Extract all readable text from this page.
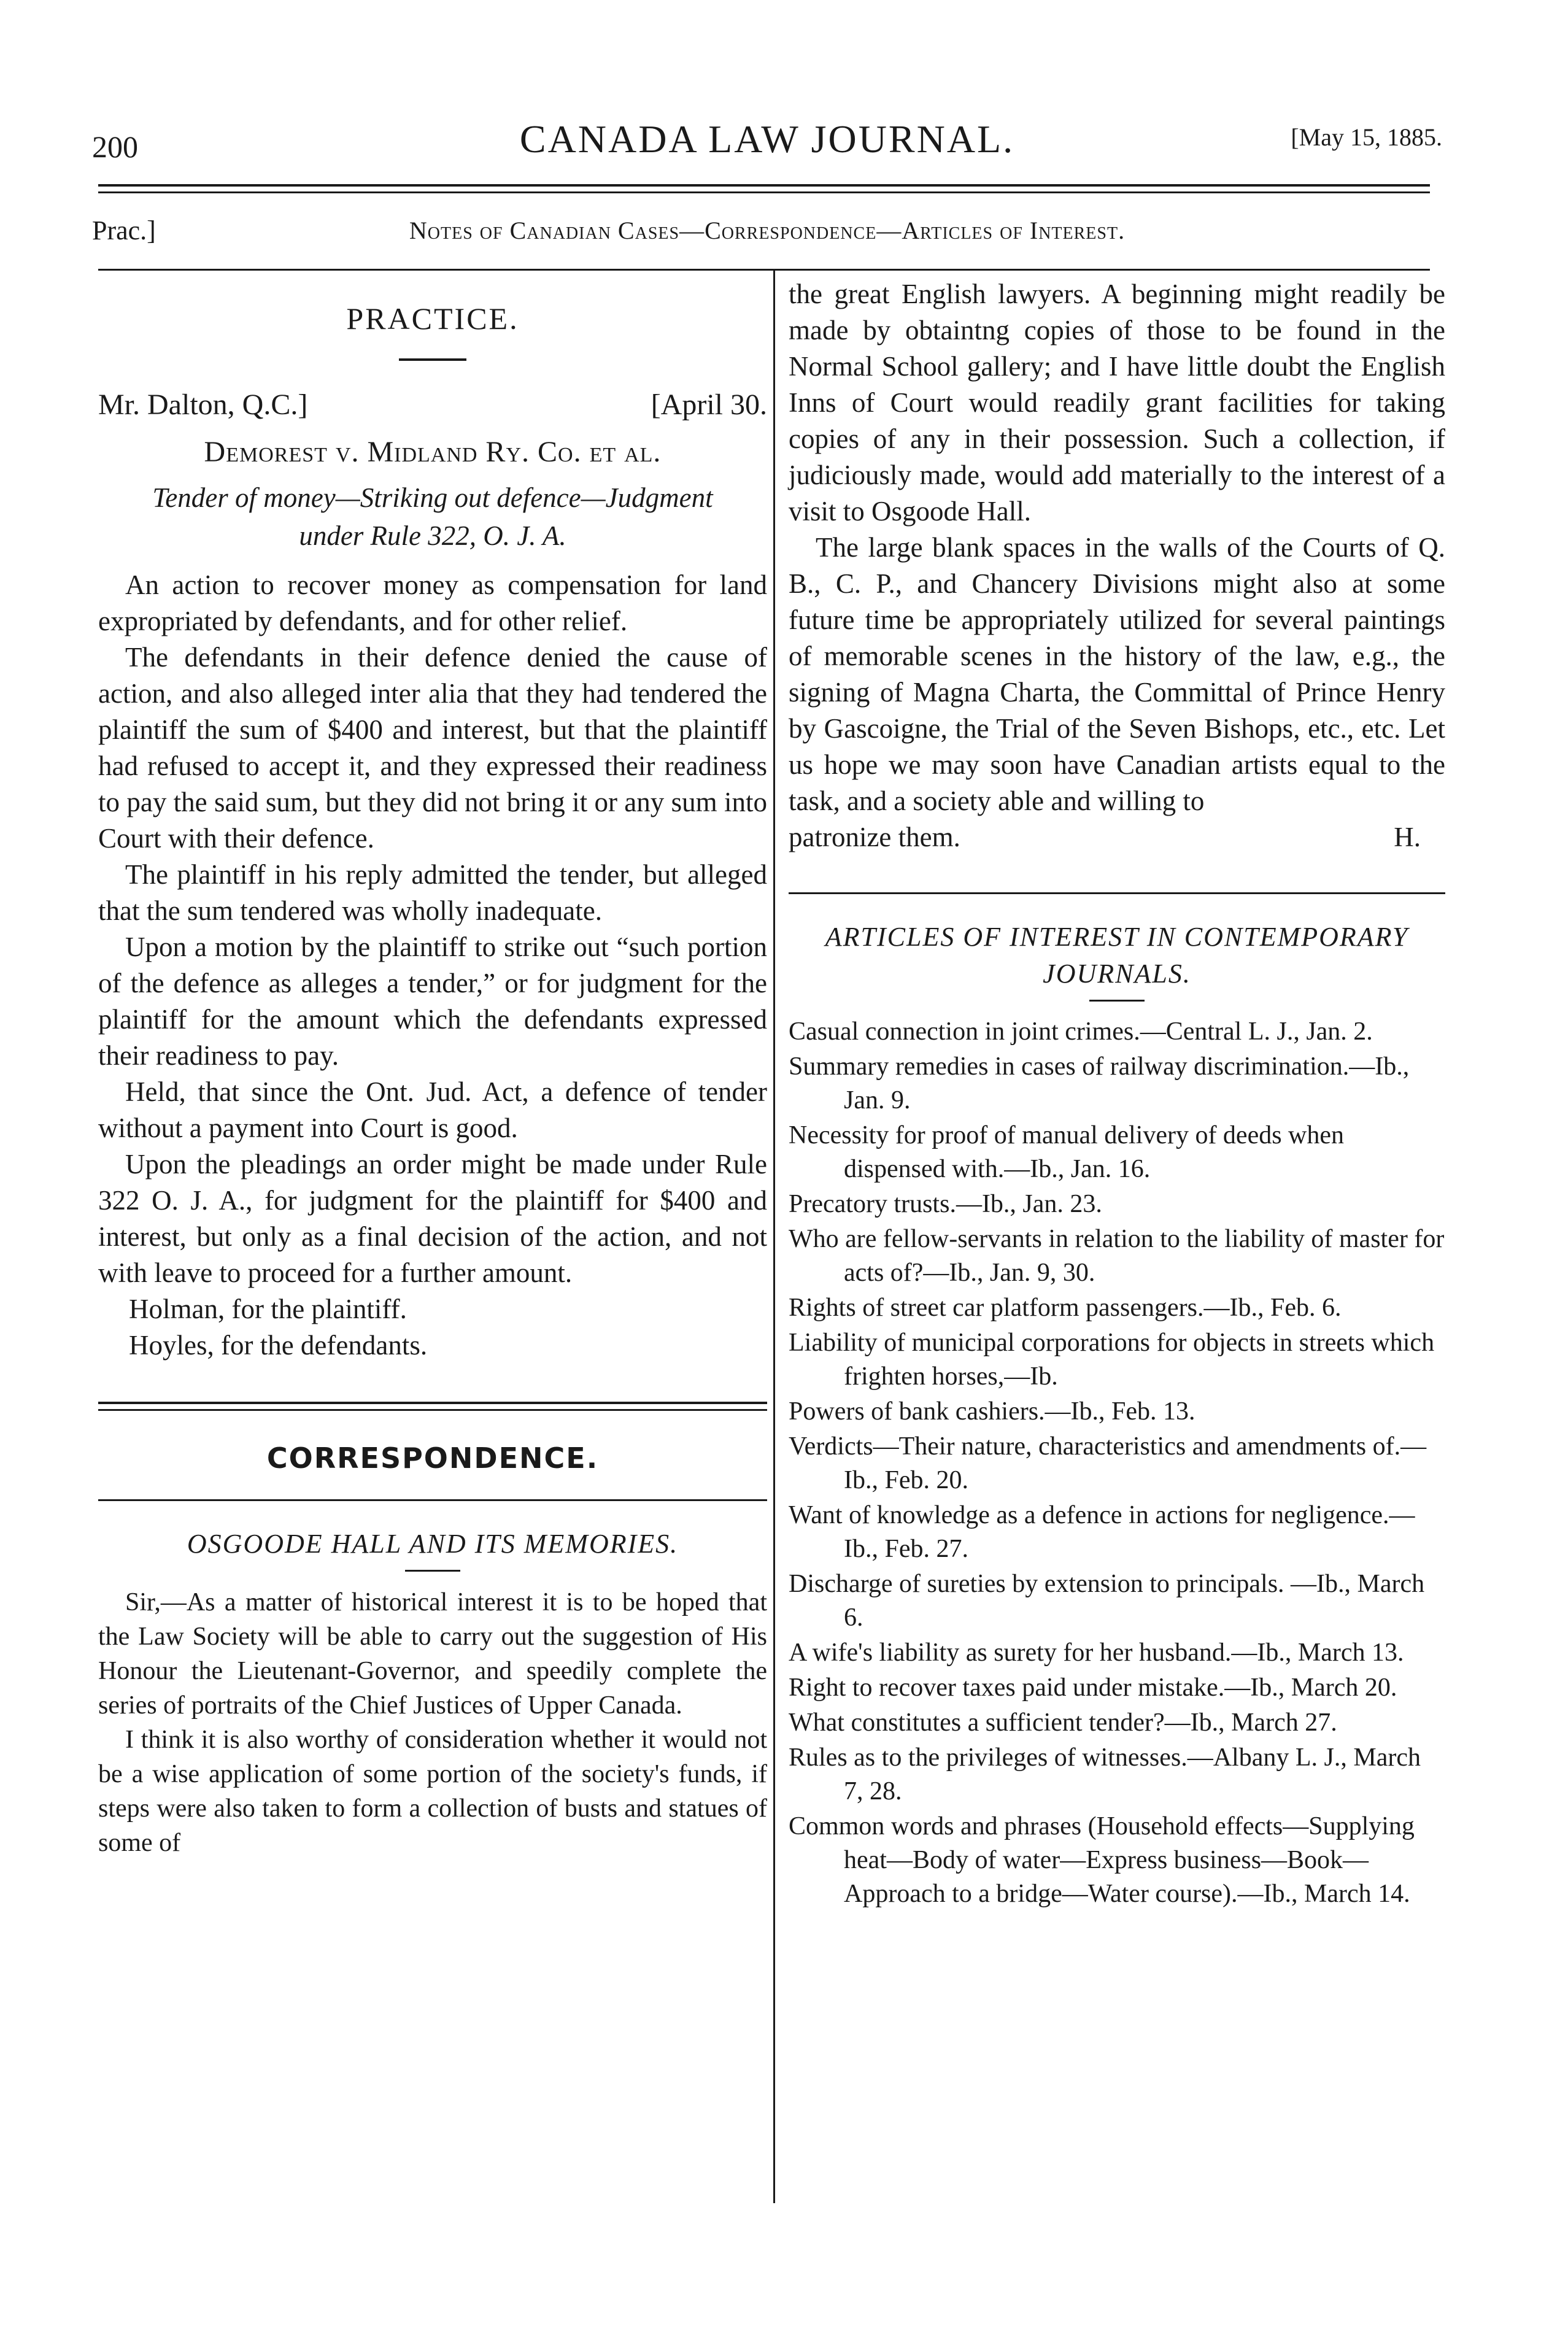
200	CANADA LAW JOURNAL.	[May 15, 1885.
Prac.]	Notes of Canadian Cases—Correspondence—Articles of Interest.
PRACTICE.
Mr. Dalton, Q.C.]	[April 30.
Demorest v. Midland Ry. Co. et al.
Tender of money—Striking out defence—Judgment under Rule 322, O. J. A.

An action to recover money as compensation for land expropriated by defendants, and for other relief.

The defendants in their defence denied the cause of action, and also alleged inter alia that they had tendered the plaintiff the sum of $400 and interest, but that the plaintiff had refused to accept it, and they expressed their readiness to pay the said sum, but they did not bring it or any sum into Court with their defence.

The plaintiff in his reply admitted the tender, but alleged that the sum tendered was wholly inadequate.

Upon a motion by the plaintiff to strike out “such portion of the defence as alleges a tender,” or for judgment for the plaintiff for the amount which the defendants expressed their readiness to pay.

Held, that since the Ont. Jud. Act, a defence of tender without a payment into Court is good.

Upon the pleadings an order might be made under Rule 322 O. J. A., for judgment for the plaintiff for $400 and interest, but only as a final decision of the action, and not with leave to proceed for a further amount.

Holman, for the plaintiff.
Hoyles, for the defendants.
CORRESPONDENCE.
OSGOODE HALL AND ITS MEMORIES.

Sir,—As a matter of historical interest it is to be hoped that the Law Society will be able to carry out the suggestion of His Honour the Lieutenant-Governor, and speedily complete the series of portraits of the Chief Justices of Upper Canada.

I think it is also worthy of consideration whether it would not be a wise application of some portion of the society's funds, if steps were also taken to form a collection of busts and statues of some of

the great English lawyers. A beginning might readily be made by obtaintng copies of those to be found in the Normal School gallery; and I have little doubt the English Inns of Court would readily grant facilities for taking copies of any in their possession. Such a collection, if judiciously made, would add materially to the interest of a visit to Osgoode Hall.

The large blank spaces in the walls of the Courts of Q. B., C. P., and Chancery Divisions might also at some future time be appropriately utilized for several paintings of memorable scenes in the history of the law, e.g., the signing of Magna Charta, the Committal of Prince Henry by Gascoigne, the Trial of the Seven Bishops, etc., etc. Let us hope we may soon have Canadian artists equal to the task, and a society able and willing to

patronize them.	H.
ARTICLES OF INTEREST IN CONTEMPORARY JOURNALS.
Casual connection in joint crimes.—Central L. J., Jan. 2.
Summary remedies in cases of railway discrimination.—Ib., Jan. 9.
Necessity for proof of manual delivery of deeds when dispensed with.—Ib., Jan. 16.
Precatory trusts.—Ib., Jan. 23.
Who are fellow-servants in relation to the liability of master for acts of?—Ib., Jan. 9, 30.
Rights of street car platform passengers.—Ib., Feb. 6.
Liability of municipal corporations for objects in streets which frighten horses,—Ib.
Powers of bank cashiers.—Ib., Feb. 13.
Verdicts—Their nature, characteristics and amendments of.—Ib., Feb. 20.
Want of knowledge as a defence in actions for negligence.—Ib., Feb. 27.
Discharge of sureties by extension to principals. —Ib., March 6.
A wife's liability as surety for her husband.—Ib., March 13.
Right to recover taxes paid under mistake.—Ib., March 20.
What constitutes a sufficient tender?—Ib., March 27.
Rules as to the privileges of witnesses.—Albany L. J., March 7, 28.
Common words and phrases (Household effects—Supplying heat—Body of water—Express business—Book—Approach to a bridge—Water course).—Ib., March 14.
